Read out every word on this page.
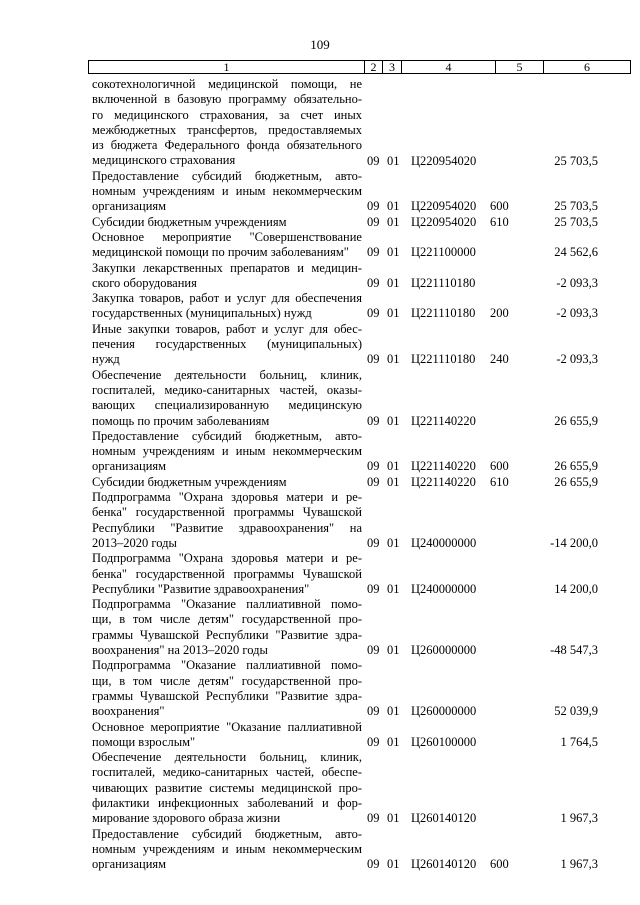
109
1	2	3	4	5	6
сокотехнологичной медицинской помощи, не
включенной в базовую программу обязательно-
го медицинского страхования, за счет иных
межбюджетных трансфертов, предоставляемых
из бюджета Федерального фонда обязательного
медицинского страхования	09 01 Ц220954020	25 703,5
Предоставление субсидий бюджетным, авто-
номным учреждениям и иным некоммерческим
организациям	09 01 Ц220954020 600	25 703,5
Субсидии бюджетным учреждениям	09 01 Ц220954020 610	25 703,5
Основное мероприятие "Совершенствование
медицинской помощи по прочим заболеваниям"	09 01 Ц221100000	24 562,6
Закупки лекарственных препаратов и медицин-
ского оборудования	09 01 Ц221110180	-2 093,3
Закупка товаров, работ и услуг для обеспечения
государственных (муниципальных) нужд	09 01 Ц221110180 200	-2 093,3
Иные закупки товаров, работ и услуг для обес-
печения государственных (муниципальных)
нужд	09 01 Ц221110180 240	-2 093,3
Обеспечение деятельности больниц, клиник,
госпиталей, медико-санитарных частей, оказы-
вающих специализированную медицинскую
помощь по прочим заболеваниям	09 01 Ц221140220	26 655,9
Предоставление субсидий бюджетным, авто-
номным учреждениям и иным некоммерческим
организациям	09 01 Ц221140220 600	26 655,9
Субсидии бюджетным учреждениям	09 01 Ц221140220 610	26 655,9
Подпрограмма "Охрана здоровья матери и ре-
бенка" государственной программы Чувашской
Республики "Развитие здравоохранения" на
2013–2020 годы	09 01 Ц240000000	-14 200,0
Подпрограмма "Охрана здоровья матери и ре-
бенка" государственной программы Чувашской
Республики "Развитие здравоохранения"	09 01 Ц240000000	14 200,0
Подпрограмма "Оказание паллиативной помо-
щи, в том числе детям" государственной про-
граммы Чувашской Республики "Развитие здра-
воохранения" на 2013–2020 годы	09 01 Ц260000000	-48 547,3
Подпрограмма "Оказание паллиативной помо-
щи, в том числе детям" государственной про-
граммы Чувашской Республики "Развитие здра-
воохранения"	09 01 Ц260000000	52 039,9
Основное мероприятие "Оказание паллиативной
помощи взрослым"	09 01 Ц260100000	1 764,5
Обеспечение деятельности больниц, клиник,
госпиталей, медико-санитарных частей, обеспе-
чивающих развитие системы медицинской про-
филактики инфекционных заболеваний и фор-
мирование здорового образа жизни	09 01 Ц260140120	1 967,3
Предоставление субсидий бюджетным, авто-
номным учреждениям и иным некоммерческим
организациям	09 01 Ц260140120 600	1 967,3
